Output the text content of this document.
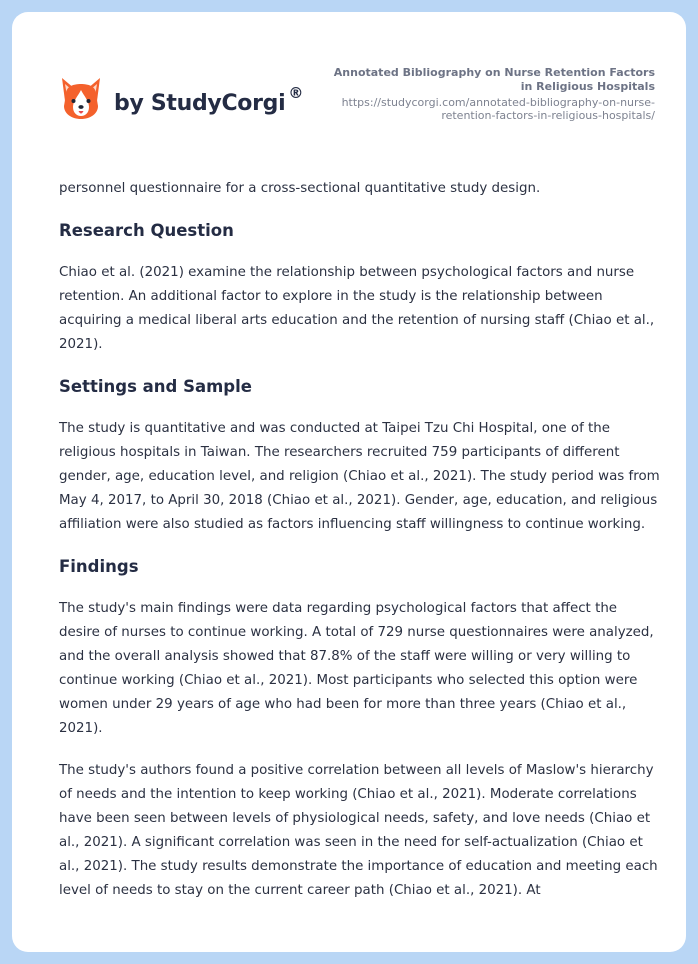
by StudyCorgi ®
Annotated Bibliography on Nurse Retention Factors in Religious Hospitals
https://studycorgi.com/annotated-bibliography-on-nurse-retention-factors-in-religious-hospitals/

personnel questionnaire for a cross-sectional quantitative study design.

Research Question

Chiao et al. (2021) examine the relationship between psychological factors and nurse retention. An additional factor to explore in the study is the relationship between acquiring a medical liberal arts education and the retention of nursing staff (Chiao et al., 2021).

Settings and Sample

The study is quantitative and was conducted at Taipei Tzu Chi Hospital, one of the religious hospitals in Taiwan. The researchers recruited 759 participants of different gender, age, education level, and religion (Chiao et al., 2021). The study period was from May 4, 2017, to April 30, 2018 (Chiao et al., 2021). Gender, age, education, and religious affiliation were also studied as factors influencing staff willingness to continue working.

Findings

The study's main findings were data regarding psychological factors that affect the desire of nurses to continue working. A total of 729 nurse questionnaires were analyzed, and the overall analysis showed that 87.8% of the staff were willing or very willing to continue working (Chiao et al., 2021). Most participants who selected this option were women under 29 years of age who had been for more than three years (Chiao et al., 2021).

The study's authors found a positive correlation between all levels of Maslow's hierarchy of needs and the intention to keep working (Chiao et al., 2021). Moderate correlations have been seen between levels of physiological needs, safety, and love needs (Chiao et al., 2021). A significant correlation was seen in the need for self-actualization (Chiao et al., 2021). The study results demonstrate the importance of education and meeting each level of needs to stay on the current career path (Chiao et al., 2021). At
